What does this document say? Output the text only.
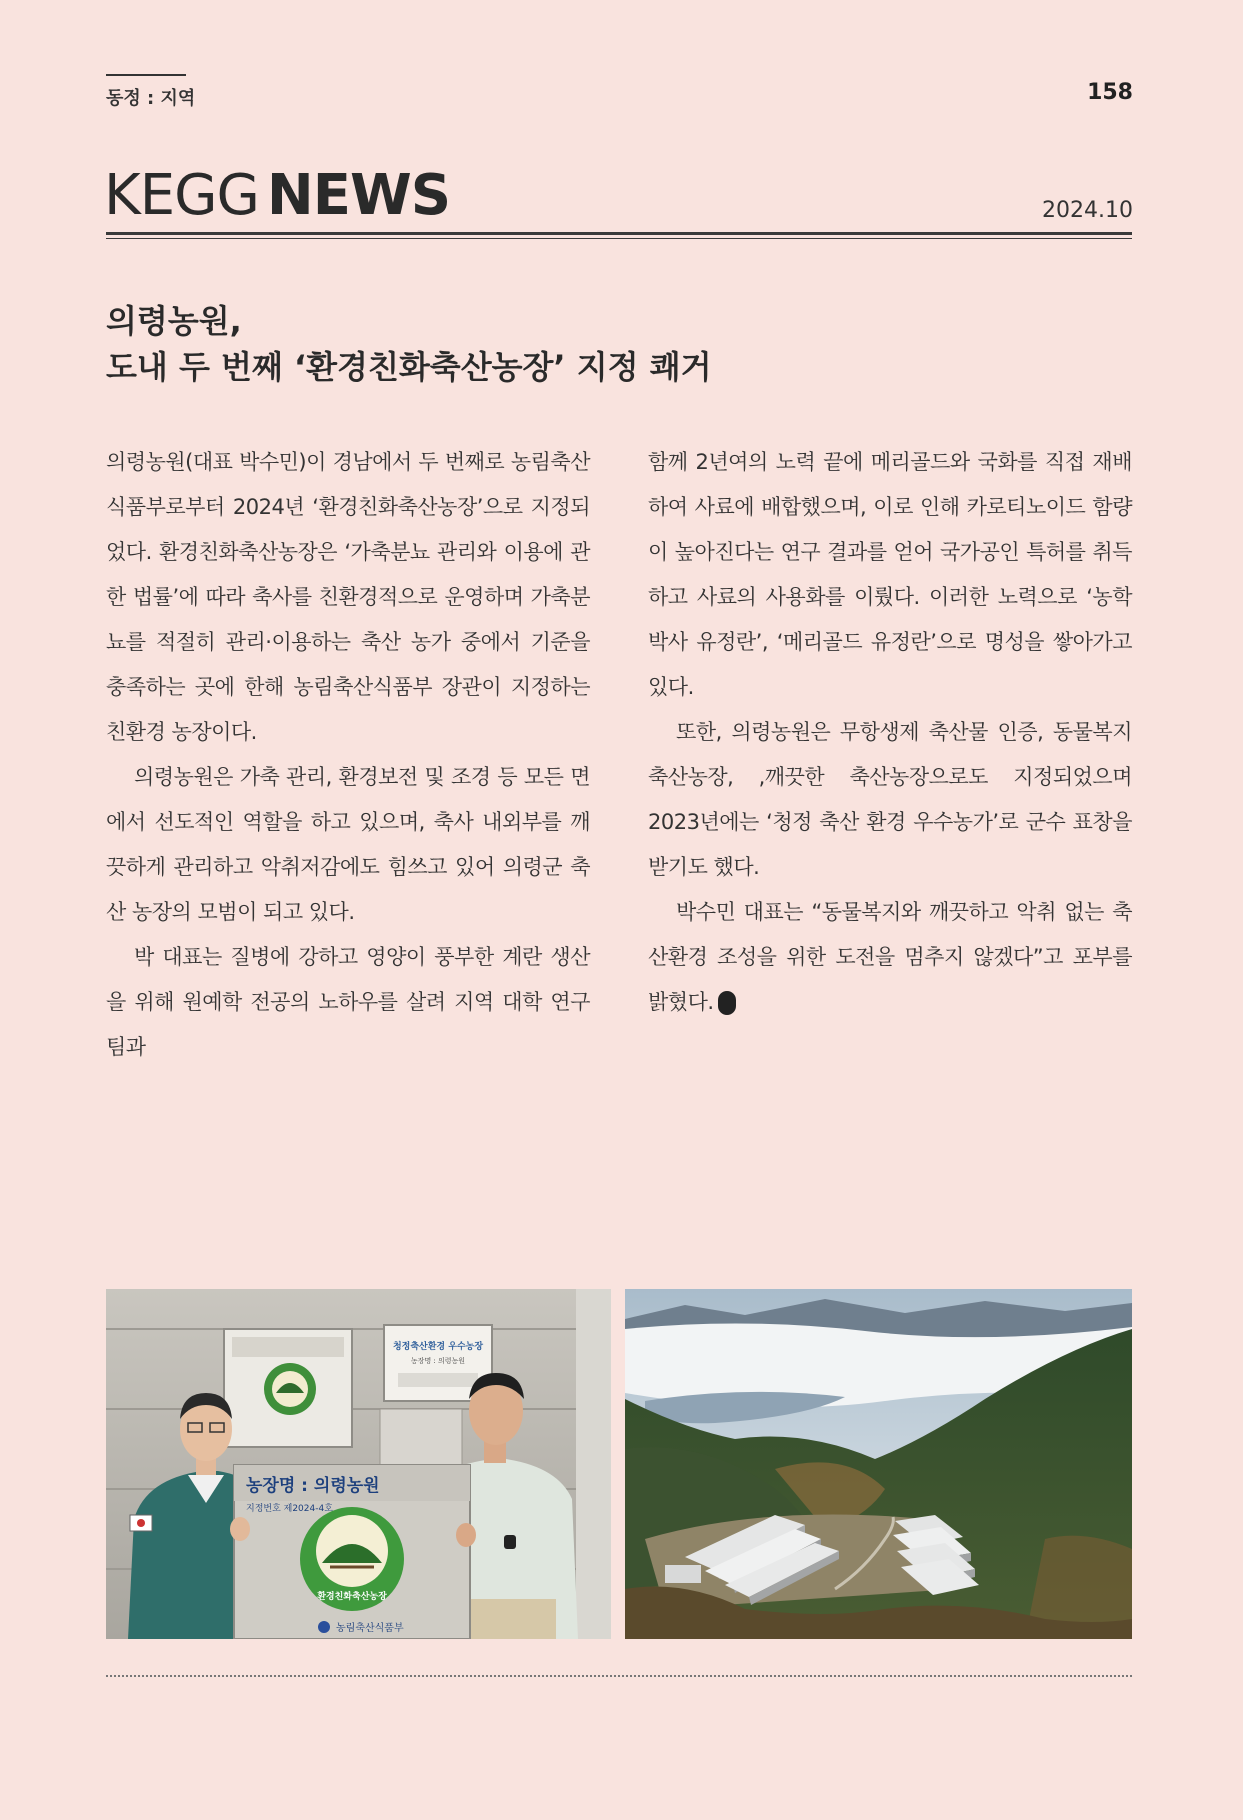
동정 : 지역	158
KEGG NEWS	2024.10
의령농원,
도내 두 번째 ‘환경친화축산농장’ 지정 쾌거

의령농원(대표 박수민)이 경남에서 두 번째로 농림축산식품부로부터 2024년 ‘환경친화축산농장’으로 지정되었다. 환경친화축산농장은 ‘가축분뇨 관리와 이용에 관한 법률’에 따라 축사를 친환경적으로 운영하며 가축분뇨를 적절히 관리·이용하는 축산 농가 중에서 기준을 충족하는 곳에 한해 농림축산식품부 장관이 지정하는 친환경 농장이다.

의령농원은 가축 관리, 환경보전 및 조경 등 모든 면에서 선도적인 역할을 하고 있으며, 축사 내외부를 깨끗하게 관리하고 악취저감에도 힘쓰고 있어 의령군 축산 농장의 모범이 되고 있다.

박 대표는 질병에 강하고 영양이 풍부한 계란 생산을 위해 원예학 전공의 노하우를 살려 지역 대학 연구팀과

함께 2년여의 노력 끝에 메리골드와 국화를 직접 재배하여 사료에 배합했으며, 이로 인해 카로티노이드 함량이 높아진다는 연구 결과를 얻어 국가공인 특허를 취득하고 사료의 사용화를 이뤘다. 이러한 노력으로 ‘농학박사 유정란’, ‘메리골드 유정란’으로 명성을 쌓아가고 있다.

또한, 의령농원은 무항생제 축산물 인증, 동물복지축산농장, ,깨끗한 축산농장으로도 지정되었으며 2023년에는 ‘청정 축산 환경 우수농가’로 군수 표창을 받기도 했다.

박수민 대표는 “동물복지와 깨끗하고 악취 없는 축산환경 조성을 위한 도전을 멈추지 않겠다”고 포부를 밝혔다.

청정축산환경 우수농장
농장명 : 의령농원
농장명 : 의령농원
지정번호 제2024-4호
환경친화축산농장
농림축산식품부
